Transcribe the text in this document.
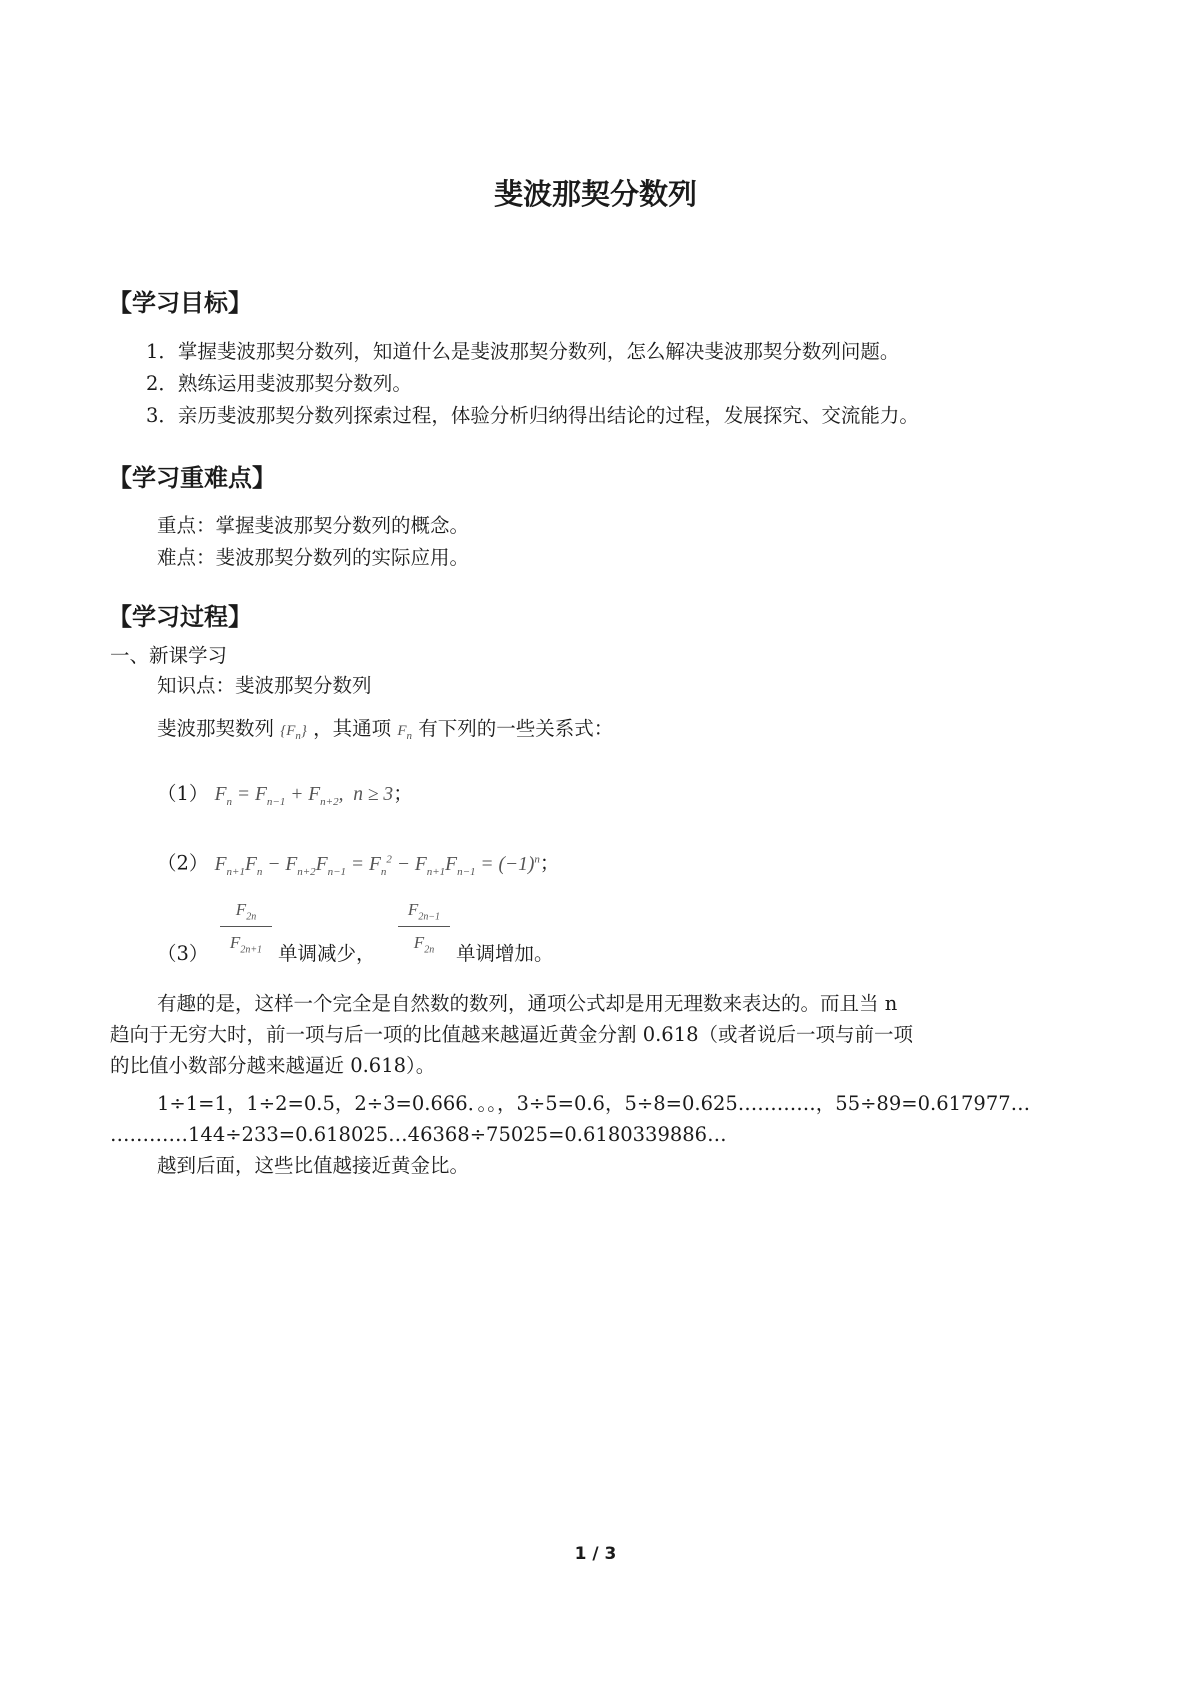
斐波那契分数列
【学习目标】
1．掌握斐波那契分数列，知道什么是斐波那契分数列，怎么解决斐波那契分数列问题。
2．熟练运用斐波那契分数列。
3．亲历斐波那契分数列探索过程，体验分析归纳得出结论的过程，发展探究、交流能力。
【学习重难点】
重点：掌握斐波那契分数列的概念。
难点：斐波那契分数列的实际应用。
【学习过程】
一、新课学习
知识点：斐波那契分数列
斐波那契数列 $\{F_n\}$ ，其通项 $F_n$ 有下列的一些关系式：
（1） $F_n = F_{n-1} + F_{n+2}$,  n ≥ 3；
（2） $F_{n+1}F_n - F_{n+2}F_{n-1} = F_n^2 - F_{n+1}F_{n-1} = (-1)^n$；
$(3) \frac{F_{2n}}{F_{2n+1}}$ 单调减少， $\frac{F_{2n-1}}{F_{2n}}$ 单调增加。
有趣的是，这样一个完全是自然数的数列，通项公式却是用无理数来表达的。而且当 n
趋向于无穷大时，前一项与后一项的比值越来越逼近黄金分割 0.618（或者说后一项与前一项
的比值小数部分越来越逼近 0.618）。
1÷1=1，1÷2=0.5，2÷3=0.666．。。，3÷5=0.6，5÷8=0.625…………，55÷89=0.617977…
…………144÷233=0.618025…46368÷75025=0.6180339886…
越到后面，这些比值越接近黄金比。
1 / 3
